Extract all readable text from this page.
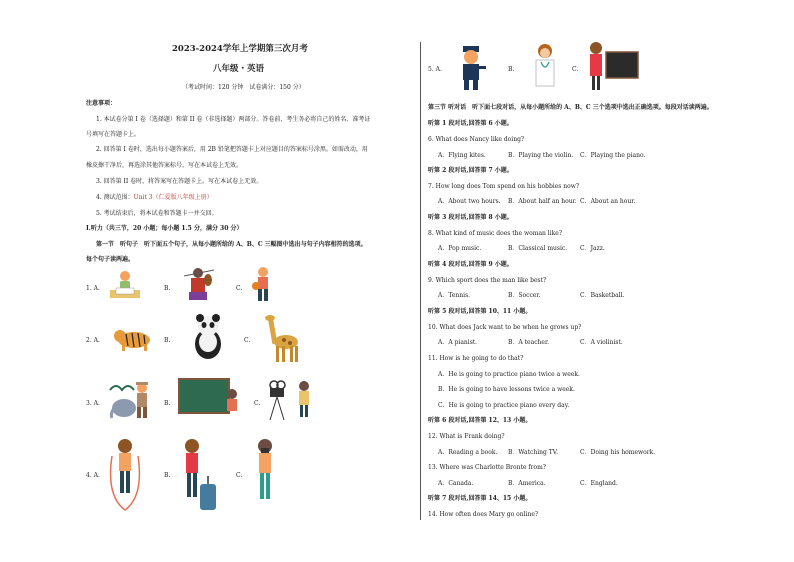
2023-2024学年上学期第三次月考
八年级・英语
（考试时间：120 分钟　试卷满分：150 分）
注意事项：
1. 本试卷分第 I 卷（选择题）和第 II 卷（非选择题）两部分。答卷前，考生务必将自己的姓名、准考证
号填写在答题卡上。
2. 回答第 I 卷时，选出每小题答案后，用 2B 铅笔把答题卡上对应题目的答案标号涂黑。如需改动，用
橡皮擦干净后，再选涂其他答案标号。写在本试卷上无效。
3. 回答第 II 卷时，将答案写在答题卡上。写在本试卷上无效。
4. 测试范围：Unit 3（仁爱版八年级上册）
5. 考试结束后，将本试卷和答题卡一并交回。
Ⅰ.听力（共三节，20 小题；每小题 1.5 分，满分 30 分）
第一节　听句子　听下面五个句子，从每小题所给的 A、B、C 三幅图中选出与句子内容相符的选项。
每个句子读两遍。
1. A.	B.	C.
2. A.	B.	C.
3. A.	B.	C.
4. A.	B.	C.
5. A.	B.	C.
第三节 听对话　听下面七段对话，从每小题所给的 A、B、C 三个选项中选出正确选项。每段对话读两遍。
听第 1 段对话,回答第 6 小题。
6. What does Nancy like doing?
A．Flying kites.	B．Playing the violin. C．Playing the piano.
听第 2 段对话,回答第 7 小题。
7. How long does Tom spend on his hobbies now?
A．About two hours. B．About half an hour. C．About an hour.
听第 3 段对话,回答第 8 小题。
8. What kind of music does the woman like?
A．Pop music.	B．Classical music. C．Jazz.
听第 4 段对话,回答第 9 小题。
9. Which sport does the man like best?
A．Tennis.	B．Soccer.	C．Basketball.
听第 5 段对话,回答第 10、11 小题。
10. What does Jack want to be when he grows up?
A．A pianist.	B．A teacher.	C．A violinist.
11. How is he going to do that?
A．He is going to practice piano twice a week.
B．He is going to have lessons twice a week.
C．He is going to practice piano every day.
听第 6 段对话,回答第 12、13 小题。
12. What is Frank doing?
A．Reading a book. B．Watching TV.	C．Doing his homework.
13. Where was Charlotte Bronte from?
A．Canada.	B．America.	C．England.
听第 7 段对话,回答第 14、15 小题。
14. How often does Mary go online?
